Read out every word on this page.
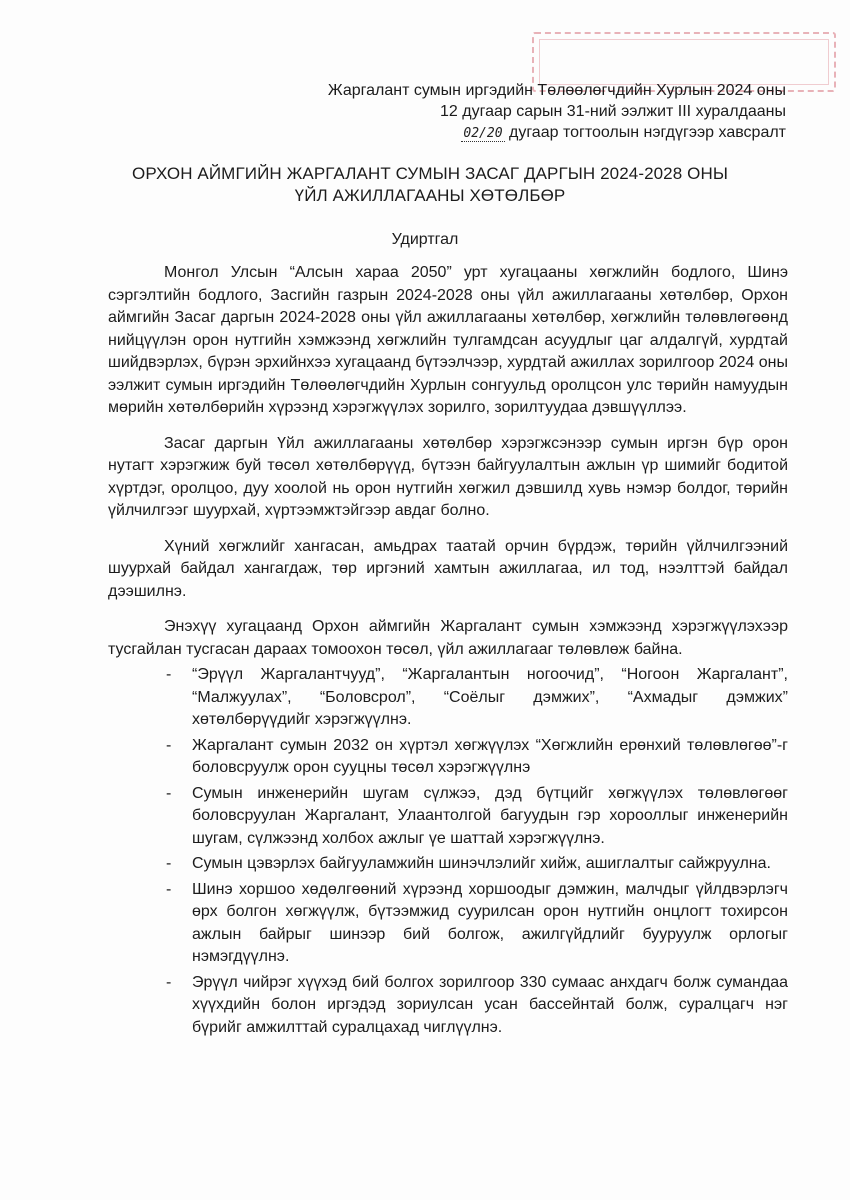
Жаргалант сумын иргэдийн Төлөөлөгчдийн Хурлын 2024 оны
12 дугаар сарын 31-ний ээлжит III хуралдааны
02/20 дугаар тогтоолын нэгдүгээр хавсралт
ОРХОН АЙМГИЙН ЖАРГАЛАНТ СУМЫН ЗАСАГ ДАРГЫН 2024-2028 ОНЫ
ҮЙЛ АЖИЛЛАГААНЫ ХӨТӨЛБӨР
Удиртгал

Монгол Улсын “Алсын хараа 2050” урт хугацааны хөгжлийн бодлого, Шинэ сэргэлтийн бодлого, Засгийн газрын 2024-2028 оны үйл ажиллагааны хөтөлбөр, Орхон аймгийн Засаг даргын 2024-2028 оны үйл ажиллагааны хөтөлбөр, хөгжлийн төлөвлөгөөнд нийцүүлэн орон нутгийн хэмжээнд хөгжлийн тулгамдсан асуудлыг цаг алдалгүй, хурдтай шийдвэрлэх, бүрэн эрхийнхээ хугацаанд бүтээлчээр, хурдтай ажиллах зорилгоор 2024 оны ээлжит сумын иргэдийн Төлөөлөгчдийн Хурлын сонгуульд оролцсон улс төрийн намуудын мөрийн хөтөлбөрийн хүрээнд хэрэгжүүлэх зорилго, зорилтуудаа дэвшүүллээ.

Засаг даргын Үйл ажиллагааны хөтөлбөр хэрэгжсэнээр сумын иргэн бүр орон нутагт хэрэгжиж буй төсөл хөтөлбөрүүд, бүтээн байгуулалтын ажлын үр шимийг бодитой хүртдэг, оролцоо, дуу хоолой нь орон нутгийн хөгжил дэвшилд хувь нэмэр болдог, төрийн үйлчилгээг шуурхай, хүртээмжтэйгээр авдаг болно.

Хүний хөгжлийг хангасан, амьдрах таатай орчин бүрдэж, төрийн үйлчилгээний шуурхай байдал хангагдаж, төр иргэний хамтын ажиллагаа, ил тод, нээлттэй байдал дээшилнэ.

Энэхүү хугацаанд Орхон аймгийн Жаргалант сумын хэмжээнд хэрэгжүүлэхээр тусгайлан тусгасан дараах томоохон төсөл, үйл ажиллагааг төлөвлөж байна.

- “Эрүүл Жаргалантчууд”, “Жаргалантын ногоочид”, “Ногоон Жаргалант”, “Малжуулах”, “Боловсрол”, “Соёлыг дэмжих”, “Ахмадыг дэмжих” хөтөлбөрүүдийг хэрэгжүүлнэ.
- Жаргалант сумын 2032 он хүртэл хөгжүүлэх “Хөгжлийн ерөнхий төлөвлөгөө”-г боловсруулж орон сууцны төсөл хэрэгжүүлнэ
- Сумын инженерийн шугам сүлжээ, дэд бүтцийг хөгжүүлэх төлөвлөгөөг боловсруулан Жаргалант, Улаантолгой багуудын гэр хорооллыг инженерийн шугам, сүлжээнд холбох ажлыг үе шаттай хэрэгжүүлнэ.
- Сумын цэвэрлэх байгууламжийн шинэчлэлийг хийж, ашиглалтыг сайжруулна.
- Шинэ хоршоо хөдөлгөөний хүрээнд хоршоодыг дэмжин, малчдыг үйлдвэрлэгч өрх болгон хөгжүүлж, бүтээмжид суурилсан орон нутгийн онцлогт тохирсон ажлын байрыг шинээр бий болгож, ажилгүйдлийг бууруулж орлогыг нэмэгдүүлнэ.
- Эрүүл чийрэг хүүхэд бий болгох зорилгоор 330 сумаас анхдагч болж сумандаа хүүхдийн болон иргэдэд зориулсан усан бассейнтай болж, суралцагч нэг бүрийг амжилттай суралцахад чиглүүлнэ.
